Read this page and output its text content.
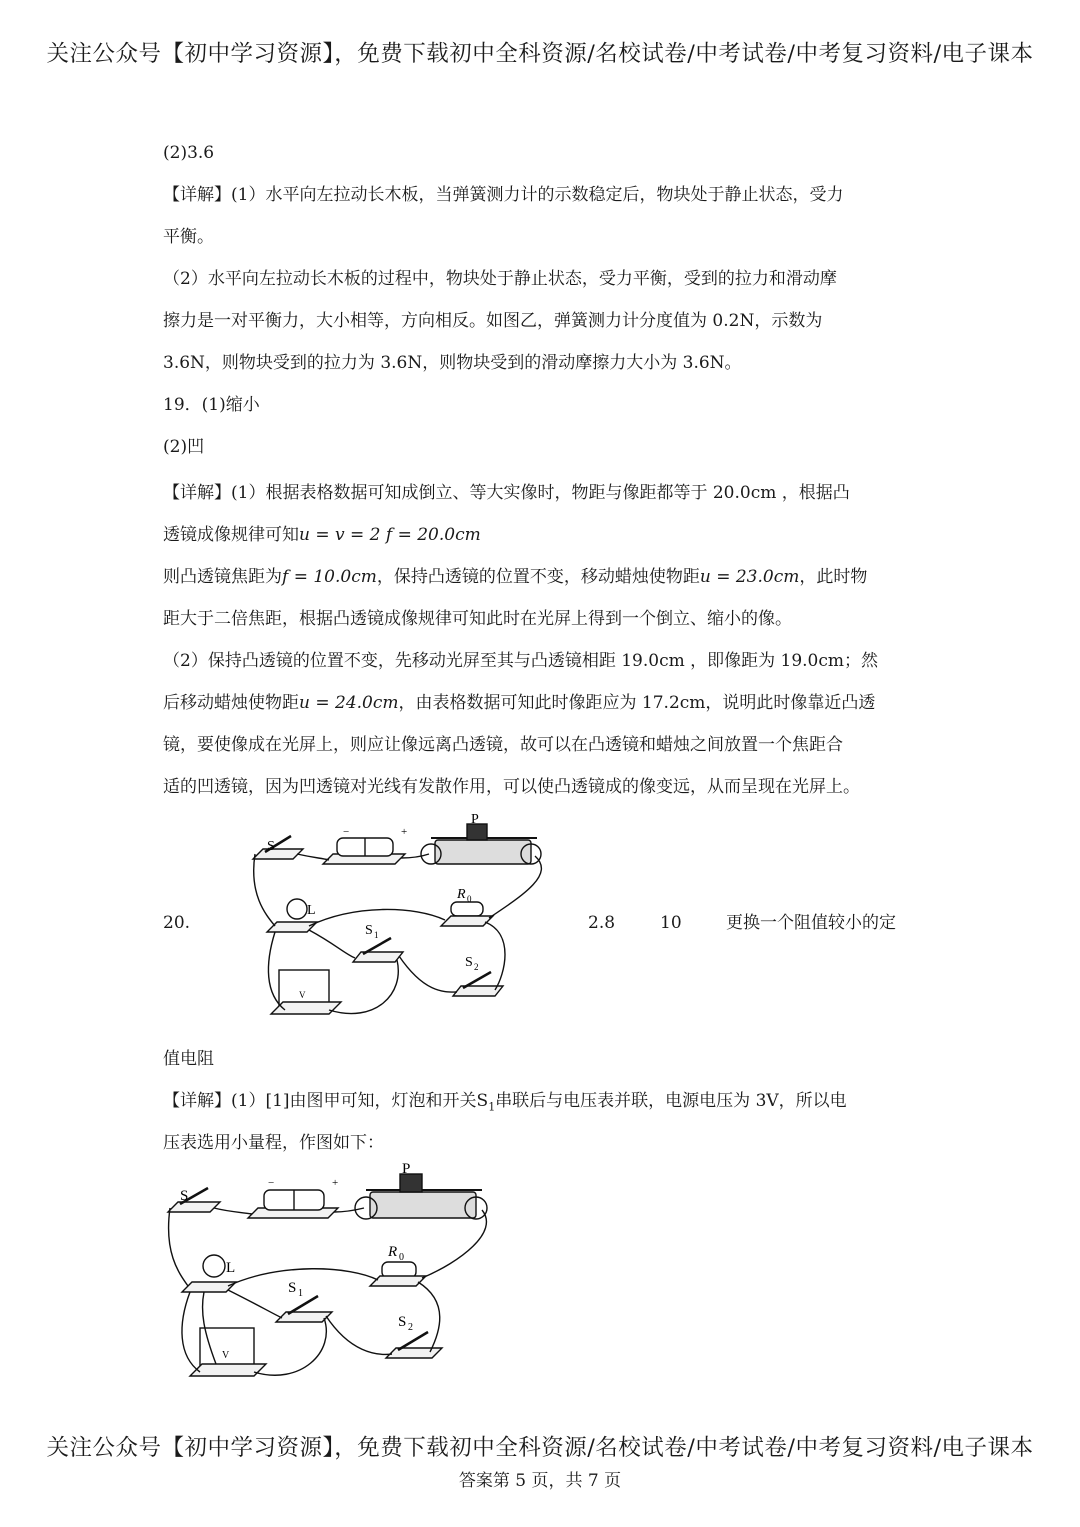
关注公众号【初中学习资源】，免费下载初中全科资源/名校试卷/中考试卷/中考复习资料/电子课本
(2)3.6
【详解】(1）水平向左拉动长木板，当弹簧测力计的示数稳定后，物块处于静止状态，受力
平衡。
（2）水平向左拉动长木板的过程中，物块处于静止状态，受力平衡，受到的拉力和滑动摩
擦力是一对平衡力，大小相等，方向相反。如图乙，弹簧测力计分度值为 0.2N，示数为
3.6N，则物块受到的拉力为 3.6N，则物块受到的滑动摩擦力大小为 3.6N。
19．(1)缩小
(2)凹
【详解】(1）根据表格数据可知成倒立、等大实像时，物距与像距都等于 20.0cm ，根据凸
透镜成像规律可知u = v = 2 f = 20.0cm
则凸透镜焦距为f = 10.0cm，保持凸透镜的位置不变，移动蜡烛使物距u = 23.0cm，此时物
距大于二倍焦距，根据凸透镜成像规律可知此时在光屏上得到一个倒立、缩小的像。
（2）保持凸透镜的位置不变，先移动光屏至其与凸透镜相距 19.0cm ，即像距为 19.0cm；然
后移动蜡烛使物距u = 24.0cm，由表格数据可知此时像距应为 17.2cm，说明此时像靠近凸透
镜，要使像成在光屏上，则应让像远离凸透镜，故可以在凸透镜和蜡烛之间放置一个焦距合
适的凹透镜，因为凹透镜对光线有发散作用，可以使凸透镜成的像变远，从而呈现在光屏上。
20.	2.8	10	更换一个阻值较小的定
值电阻
【详解】(1）[1]由图甲可知，灯泡和开关$S_1$串联后与电压表并联，电源电压为 3V，所以电
压表选用小量程，作图如下：
S
−	+
P
R 0
L
S 1
S 2
V
S
−	+
P
R 0
L
S 1
S 2
V
关注公众号【初中学习资源】，免费下载初中全科资源/名校试卷/中考试卷/中考复习资料/电子课本
答案第 5 页，共 7 页
